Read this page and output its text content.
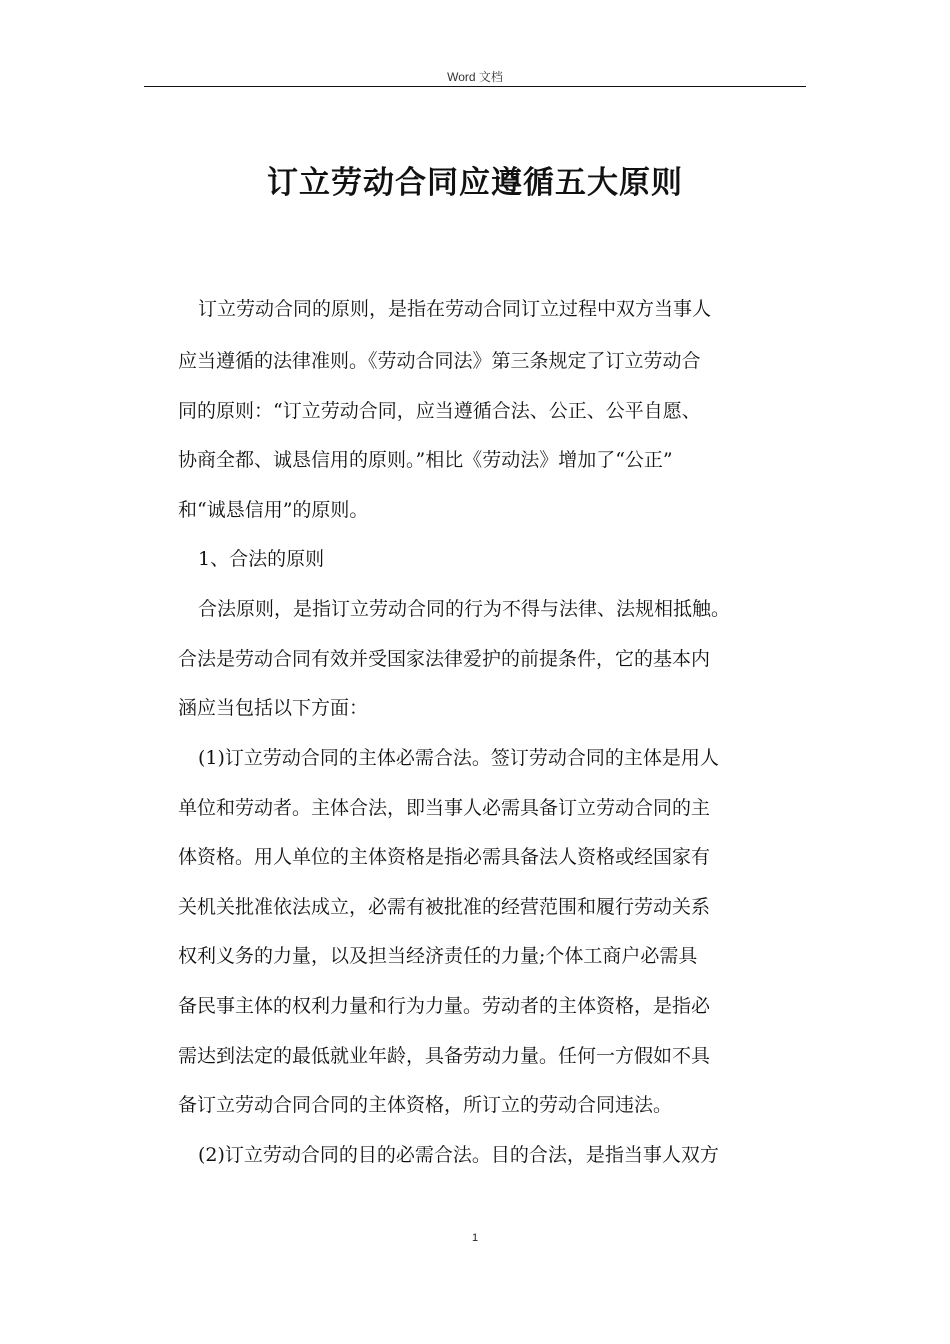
Word 文档
订立劳动合同应遵循五大原则
订立劳动合同的原则，是指在劳动合同订立过程中双方当事人
应当遵循的法律准则。《劳动合同法》第三条规定了订立劳动合
同的原则：“订立劳动合同，应当遵循合法、公正、公平自愿、
协商全都、诚恳信用的原则。”相比《劳动法》增加了“公正”
和“诚恳信用”的原则。
1、合法的原则
合法原则，是指订立劳动合同的行为不得与法律、法规相抵触。
合法是劳动合同有效并受国家法律爱护的前提条件，它的基本内
涵应当包括以下方面：
(1)订立劳动合同的主体必需合法。签订劳动合同的主体是用人
单位和劳动者。主体合法，即当事人必需具备订立劳动合同的主
体资格。用人单位的主体资格是指必需具备法人资格或经国家有
关机关批准依法成立，必需有被批准的经营范围和履行劳动关系
权利义务的力量，以及担当经济责任的力量;个体工商户必需具
备民事主体的权利力量和行为力量。劳动者的主体资格，是指必
需达到法定的最低就业年龄，具备劳动力量。任何一方假如不具
备订立劳动合同合同的主体资格，所订立的劳动合同违法。
(2)订立劳动合同的目的必需合法。目的合法，是指当事人双方
1
